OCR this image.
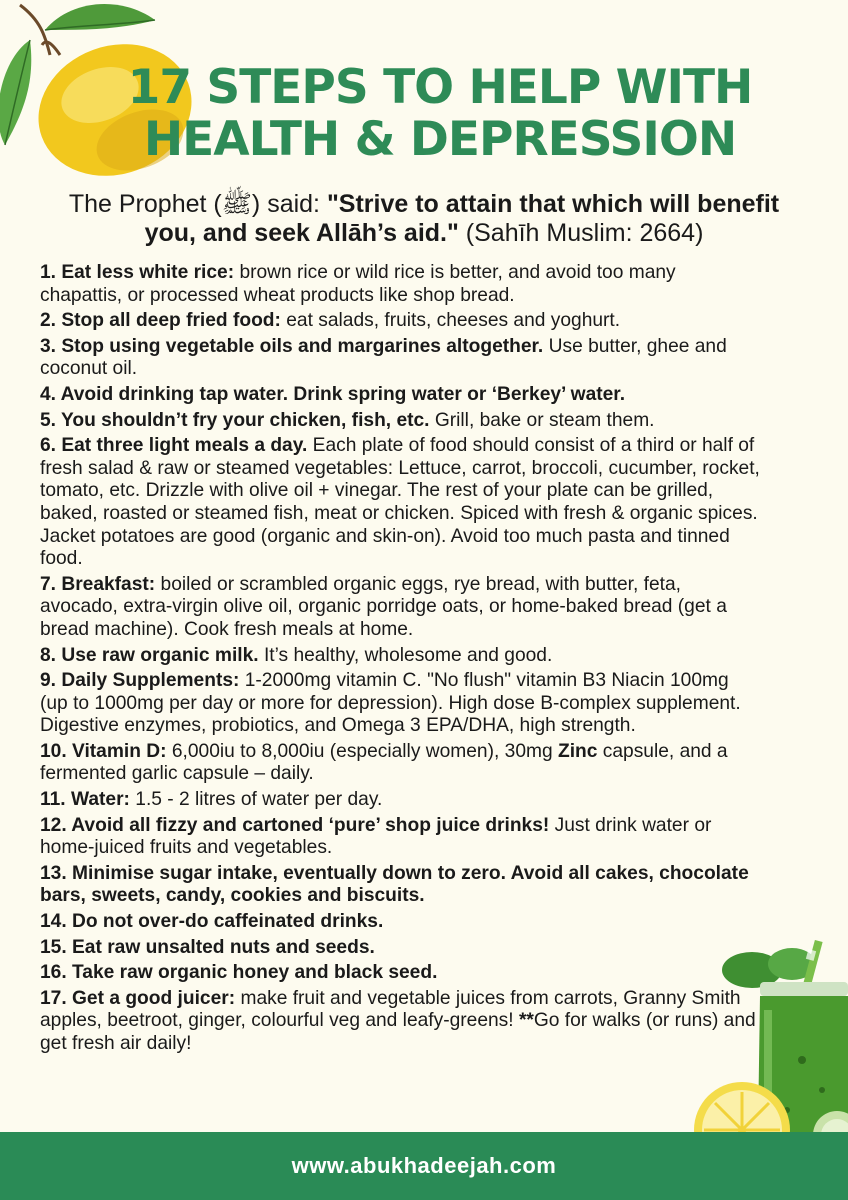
17 STEPS TO HELP WITH
HEALTH & DEPRESSION
The Prophet (ﷺ) said: "Strive to attain that which will benefit you, and seek Allāh’s aid." (Sahīh Muslim: 2664)
1. Eat less white rice: brown rice or wild rice is better, and avoid too many chapattis, or processed wheat products like shop bread.
2. Stop all deep fried food: eat salads, fruits, cheeses and yoghurt.
3. Stop using vegetable oils and margarines altogether. Use butter, ghee and coconut oil.
4. Avoid drinking tap water. Drink spring water or ‘Berkey’ water.
5. You shouldn’t fry your chicken, fish, etc. Grill, bake or steam them.
6. Eat three light meals a day. Each plate of food should consist of a third or half of fresh salad & raw or steamed vegetables: Lettuce, carrot, broccoli, cucumber, rocket, tomato, etc. Drizzle with olive oil + vinegar. The rest of your plate can be grilled, baked, roasted or steamed fish, meat or chicken. Spiced with fresh & organic spices. Jacket potatoes are good (organic and skin-on). Avoid too much pasta and tinned food.
7. Breakfast: boiled or scrambled organic eggs, rye bread, with butter, feta, avocado, extra-virgin olive oil, organic porridge oats, or home-baked bread (get a bread machine). Cook fresh meals at home.
8. Use raw organic milk. It’s healthy, wholesome and good.
9. Daily Supplements: 1-2000mg vitamin C. "No flush" vitamin B3 Niacin 100mg (up to 1000mg per day or more for depression). High dose B-complex supplement. Digestive enzymes, probiotics, and Omega 3 EPA/DHA, high strength.
10. Vitamin D: 6,000iu to 8,000iu (especially women), 30mg Zinc capsule, and a fermented garlic capsule – daily.
11. Water: 1.5 - 2 litres of water per day.
12. Avoid all fizzy and cartoned ‘pure’ shop juice drinks! Just drink water or home-juiced fruits and vegetables.
13. Minimise sugar intake, eventually down to zero. Avoid all cakes, chocolate bars, sweets, candy, cookies and biscuits.
14. Do not over-do caffeinated drinks.
15. Eat raw unsalted nuts and seeds.
16. Take raw organic honey and black seed.
17. Get a good juicer: make fruit and vegetable juices from carrots, Granny Smith apples, beetroot, ginger, colourful veg and leafy-greens! **Go for walks (or runs) and get fresh air daily!
www.abukhadeejah.com
